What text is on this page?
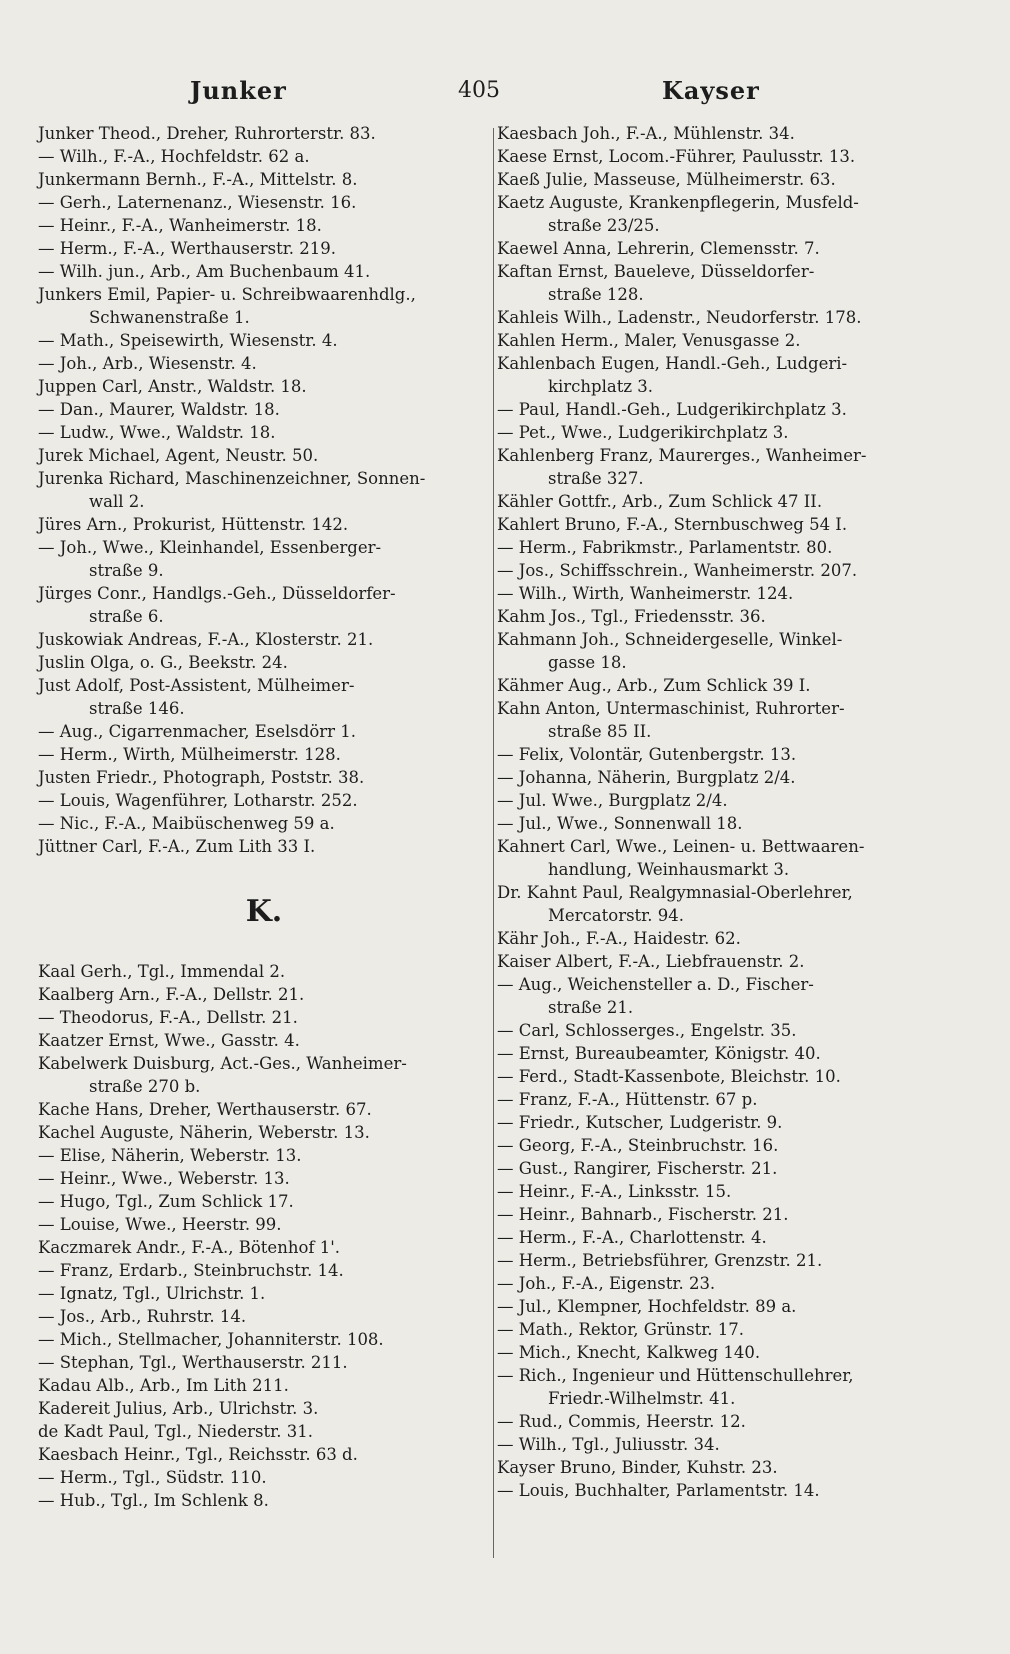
Junker	405	Kayser
Junker Theod., Dreher, Ruhrorterstr. 83.
— Wilh., F.-A., Hochfeldstr. 62 a.
Junkermann Bernh., F.-A., Mittelstr. 8.
— Gerh., Laternenanz., Wiesenstr. 16.
— Heinr., F.-A., Wanheimerstr. 18.
— Herm., F.-A., Werthauserstr. 219.
— Wilh. jun., Arb., Am Buchenbaum 41.
Junkers Emil, Papier- u. Schreibwaarenhdlg.,
Schwanenstraße 1.
— Math., Speisewirth, Wiesenstr. 4.
— Joh., Arb., Wiesenstr. 4.
Juppen Carl, Anstr., Waldstr. 18.
— Dan., Maurer, Waldstr. 18.
— Ludw., Wwe., Waldstr. 18.
Jurek Michael, Agent, Neustr. 50.
Jurenka Richard, Maschinenzeichner, Sonnen-
wall 2.
Jüres Arn., Prokurist, Hüttenstr. 142.
— Joh., Wwe., Kleinhandel, Essenberger-
straße 9.
Jürges Conr., Handlgs.-Geh., Düsseldorfer-
straße 6.
Juskowiak Andreas, F.-A., Klosterstr. 21.
Juslin Olga, o. G., Beekstr. 24.
Just Adolf, Post-Assistent, Mülheimer-
straße 146.
— Aug., Cigarrenmacher, Eselsdörr 1.
— Herm., Wirth, Mülheimerstr. 128.
Justen Friedr., Photograph, Poststr. 38.
— Louis, Wagenführer, Lotharstr. 252.
— Nic., F.-A., Maibüschenweg 59 a.
Jüttner Carl, F.-A., Zum Lith 33 I.
K.
Kaal Gerh., Tgl., Immendal 2.
Kaalberg Arn., F.-A., Dellstr. 21.
— Theodorus, F.-A., Dellstr. 21.
Kaatzer Ernst, Wwe., Gasstr. 4.
Kabelwerk Duisburg, Act.-Ges., Wanheimer-
straße 270 b.
Kache Hans, Dreher, Werthauserstr. 67.
Kachel Auguste, Näherin, Weberstr. 13.
— Elise, Näherin, Weberstr. 13.
— Heinr., Wwe., Weberstr. 13.
— Hugo, Tgl., Zum Schlick 17.
— Louise, Wwe., Heerstr. 99.
Kaczmarek Andr., F.-A., Bötenhof 1'.
— Franz, Erdarb., Steinbruchstr. 14.
— Ignatz, Tgl., Ulrichstr. 1.
— Jos., Arb., Ruhrstr. 14.
— Mich., Stellmacher, Johanniterstr. 108.
— Stephan, Tgl., Werthauserstr. 211.
Kadau Alb., Arb., Im Lith 211.
Kadereit Julius, Arb., Ulrichstr. 3.
de Kadt Paul, Tgl., Niederstr. 31.
Kaesbach Heinr., Tgl., Reichsstr. 63 d.
— Herm., Tgl., Südstr. 110.
— Hub., Tgl., Im Schlenk 8.
Kaesbach Joh., F.-A., Mühlenstr. 34.
Kaese Ernst, Locom.-Führer, Paulusstr. 13.
Kaeß Julie, Masseuse, Mülheimerstr. 63.
Kaetz Auguste, Krankenpflegerin, Musfeld-
straße 23/25.
Kaewel Anna, Lehrerin, Clemensstr. 7.
Kaftan Ernst, Baueleve, Düsseldorfer-
straße 128.
Kahleis Wilh., Ladenstr., Neudorferstr. 178.
Kahlen Herm., Maler, Venusgasse 2.
Kahlenbach Eugen, Handl.-Geh., Ludgeri-
kirchplatz 3.
— Paul, Handl.-Geh., Ludgerikirchplatz 3.
— Pet., Wwe., Ludgerikirchplatz 3.
Kahlenberg Franz, Maurerges., Wanheimer-
straße 327.
Kähler Gottfr., Arb., Zum Schlick 47 II.
Kahlert Bruno, F.-A., Sternbuschweg 54 I.
— Herm., Fabrikmstr., Parlamentstr. 80.
— Jos., Schiffsschrein., Wanheimerstr. 207.
— Wilh., Wirth, Wanheimerstr. 124.
Kahm Jos., Tgl., Friedensstr. 36.
Kahmann Joh., Schneidergeselle, Winkel-
gasse 18.
Kähmer Aug., Arb., Zum Schlick 39 I.
Kahn Anton, Untermaschinist, Ruhrorter-
straße 85 II.
— Felix, Volontär, Gutenbergstr. 13.
— Johanna, Näherin, Burgplatz 2/4.
— Jul. Wwe., Burgplatz 2/4.
— Jul., Wwe., Sonnenwall 18.
Kahnert Carl, Wwe., Leinen- u. Bettwaaren-
handlung, Weinhausmarkt 3.
Dr. Kahnt Paul, Realgymnasial-Oberlehrer,
Mercatorstr. 94.
Kähr Joh., F.-A., Haidestr. 62.
Kaiser Albert, F.-A., Liebfrauenstr. 2.
— Aug., Weichensteller a. D., Fischer-
straße 21.
— Carl, Schlosserges., Engelstr. 35.
— Ernst, Bureaubeamter, Königstr. 40.
— Ferd., Stadt-Kassenbote, Bleichstr. 10.
— Franz, F.-A., Hüttenstr. 67 p.
— Friedr., Kutscher, Ludgeristr. 9.
— Georg, F.-A., Steinbruchstr. 16.
— Gust., Rangirer, Fischerstr. 21.
— Heinr., F.-A., Linksstr. 15.
— Heinr., Bahnarb., Fischerstr. 21.
— Herm., F.-A., Charlottenstr. 4.
— Herm., Betriebsführer, Grenzstr. 21.
— Joh., F.-A., Eigenstr. 23.
— Jul., Klempner, Hochfeldstr. 89 a.
— Math., Rektor, Grünstr. 17.
— Mich., Knecht, Kalkweg 140.
— Rich., Ingenieur und Hüttenschullehrer,
Friedr.-Wilhelmstr. 41.
— Rud., Commis, Heerstr. 12.
— Wilh., Tgl., Juliusstr. 34.
Kayser Bruno, Binder, Kuhstr. 23.
— Louis, Buchhalter, Parlamentstr. 14.
